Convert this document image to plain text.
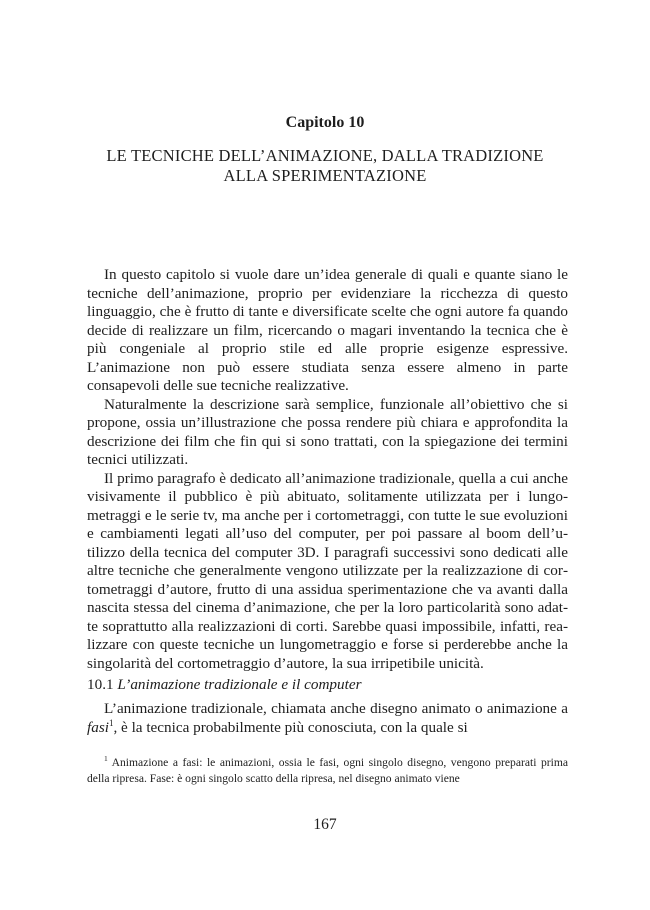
Capitolo 10
LE TECNICHE DELL’ANIMAZIONE, DALLA TRADIZIONE ALLA SPERIMENTAZIONE

In questo capitolo si vuole dare un’idea generale di quali e quante siano le tecniche dell’animazione, proprio per evidenziare la ricchezza di questo linguaggio, che è frutto di tante e diversificate scelte che ogni autore fa quando decide di realizzare un film, ricercando o magari inventando la tecnica che è più congeniale al proprio stile ed alle proprie esigenze espressive. L’animazione non può essere studiata senza essere almeno in parte consapevoli delle sue tecniche realizzative.

Naturalmente la descrizione sarà semplice, funzionale all’obiettivo che si propone, ossia un’illustrazione che possa rendere più chiara e approfondita la descrizione dei film che fin qui si sono trattati, con la spiegazione dei termini tecnici utilizzati.

Il primo paragrafo è dedicato all’animazione tradizionale, quella a cui anche visivamente il pubblico è più abituato, solitamente utilizzata per i lungometraggi e le serie tv, ma anche per i cortometraggi, con tutte le sue evoluzioni e cambiamenti legati all’uso del computer, per poi passare al boom dell’utilizzo della tecnica del computer 3D. I paragrafi successivi sono dedicati alle altre tecniche che generalmente vengono utilizzate per la realizzazione di cortometraggi d’autore, frutto di una assidua sperimentazione che va avanti dalla nascita stessa del cinema d’animazione, che per la loro particolarità sono adatte soprattutto alla realizzazioni di corti. Sarebbe quasi impossibile, infatti, realizzare con queste tecniche un lungometraggio e forse si perderebbe anche la singolarità del cortometraggio d’autore, la sua irripetibile unicità.

10.1 L’animazione tradizionale e il computer

L’animazione tradizionale, chiamata anche disegno animato o animazione a fasi$^1$, è la tecnica probabilmente più conosciuta, con la quale si

$^1$ Animazione a fasi: le animazioni, ossia le fasi, ogni singolo disegno, vengono preparati prima della ripresa. Fase: è ogni singolo scatto della ripresa, nel disegno animato viene

167
